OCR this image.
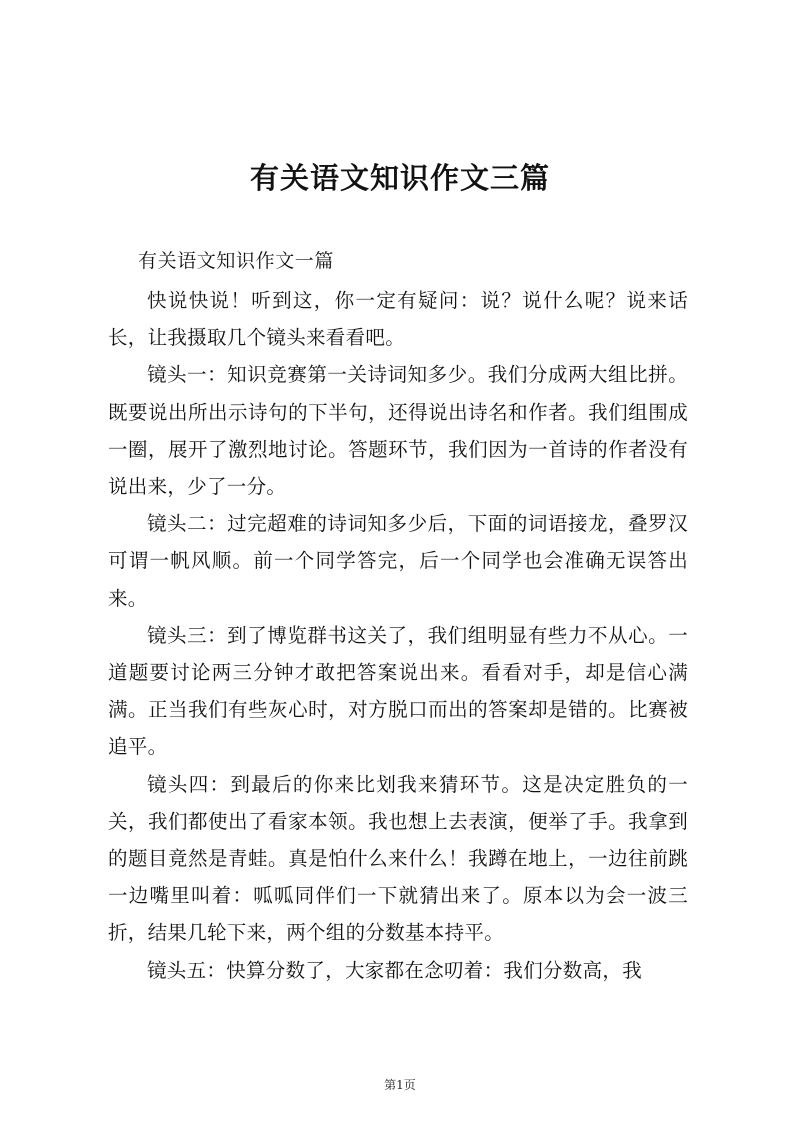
有关语文知识作文三篇

有关语文知识作文一篇

快说快说！听到这，你一定有疑问：说？说什么呢？说来话长，让我摄取几个镜头来看看吧。

镜头一：知识竞赛第一关诗词知多少。我们分成两大组比拼。既要说出所出示诗句的下半句，还得说出诗名和作者。我们组围成一圈，展开了激烈地讨论。答题环节，我们因为一首诗的作者没有说出来，少了一分。

镜头二：过完超难的诗词知多少后，下面的词语接龙，叠罗汉可谓一帆风顺。前一个同学答完，后一个同学也会准确无误答出来。

镜头三：到了博览群书这关了，我们组明显有些力不从心。一道题要讨论两三分钟才敢把答案说出来。看看对手，却是信心满满。正当我们有些灰心时，对方脱口而出的答案却是错的。比赛被追平。

镜头四：到最后的你来比划我来猜环节。这是决定胜负的一关，我们都使出了看家本领。我也想上去表演，便举了手。我拿到的题目竟然是青蛙。真是怕什么来什么！我蹲在地上，一边往前跳一边嘴里叫着：呱呱同伴们一下就猜出来了。原本以为会一波三折，结果几轮下来，两个组的分数基本持平。

镜头五：快算分数了，大家都在念叨着：我们分数高，我

第1页
